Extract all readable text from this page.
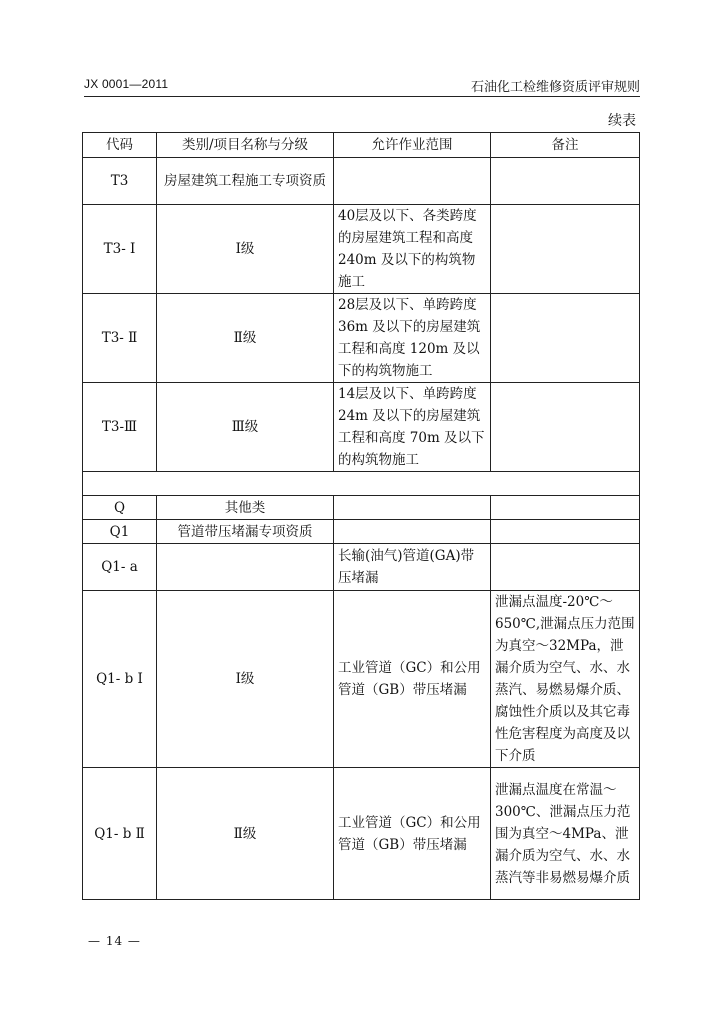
JX 0001—2011	石油化工检维修资质评审规则
续表
代码	类别/项目名称与分级	允许作业范围	备注
T3	房屋建筑工程施工专项资质		
T3- Ⅰ	Ⅰ级	40层及以下、各类跨度的房屋建筑工程和高度 240m 及以下的构筑物施工	
T3- Ⅱ	Ⅱ级	28层及以下、单跨跨度 36m 及以下的房屋建筑工程和高度 120m 及以下的构筑物施工	
T3-Ⅲ	Ⅲ级	14层及以下、单跨跨度 24m 及以下的房屋建筑工程和高度 70m 及以下的构筑物施工	

Q	其他类		
Q1	管道带压堵漏专项资质		
Q1- a		长输(油气)管道(GA)带压堵漏	
Q1- b Ⅰ	Ⅰ级	工业管道（GC）和公用管道（GB）带压堵漏	泄漏点温度-20℃～650℃,泄漏点压力范围为真空～32MPa，泄漏介质为空气、水、水蒸汽、易燃易爆介质、腐蚀性介质以及其它毒性危害程度为高度及以下介质
Q1- b Ⅱ	Ⅱ级	工业管道（GC）和公用管道（GB）带压堵漏	泄漏点温度在常温～300℃、泄漏点压力范围为真空～4MPa、泄漏介质为空气、水、水蒸汽等非易燃易爆介质
— 14 —
